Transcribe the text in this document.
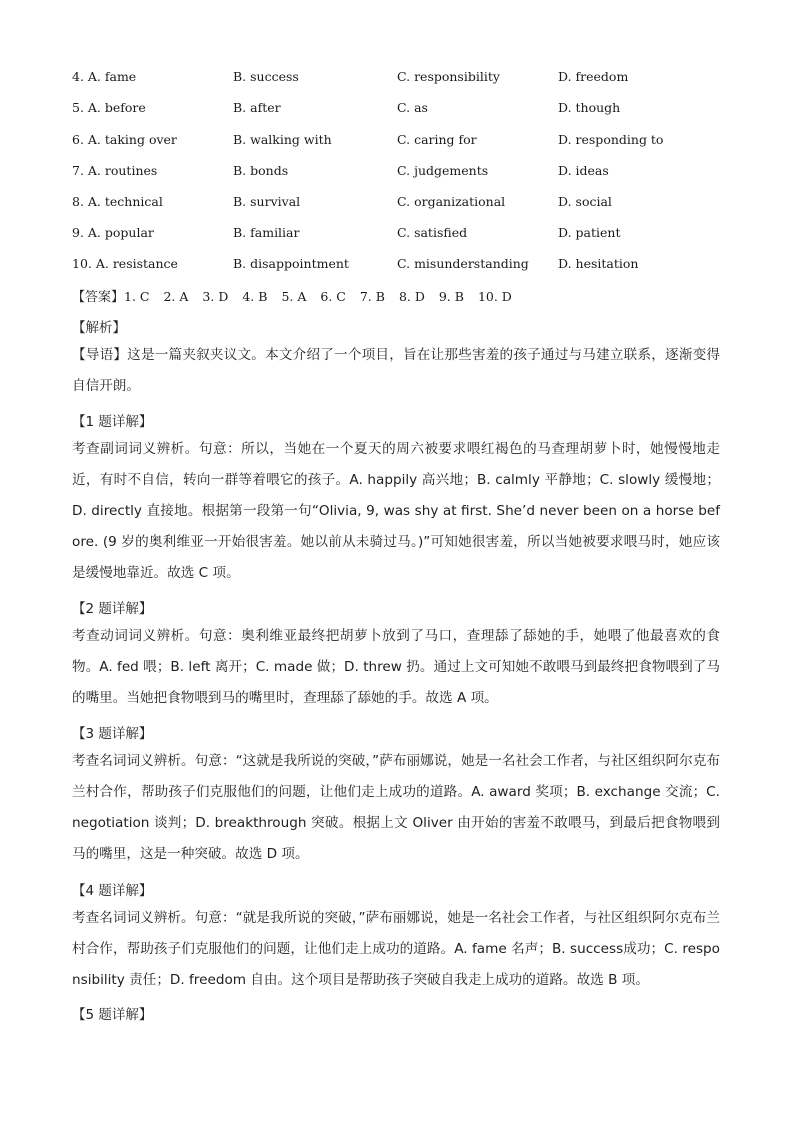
4. A. fame	B. success	C. responsibility	D. freedom
5. A. before	B. after	C. as	D. though
6. A. taking over	B. walking with	C. caring for	D. responding to
7. A. routines	B. bonds	C. judgements	D. ideas
8. A. technical	B. survival	C. organizational	D. social
9. A. popular	B. familiar	C. satisfied	D. patient
10. A. resistance	B. disappointment	C. misunderstanding D. hesitation
【答案】1. C 2. A 3. D 4. B 5. A 6. C 7. B 8. D 9. B 10. D
【解析】
【导语】这是一篇夹叙夹议文。本文介绍了一个项目，旨在让那些害羞的孩子通过与马建立联系，逐渐变得自信开朗。
【1 题详解】
考查副词词义辨析。句意：所以，当她在一个夏天的周六被要求喂红褐色的马查理胡萝卜时，她慢慢地走近，有时不自信，转向一群等着喂它的孩子。A. happily 高兴地；B. calmly 平静地；C. slowly 缓慢地；D. directly 直接地。根据第一段第一句“Olivia, 9, was shy at first. She’d never been on a horse before. (9 岁的奥利维亚一开始很害羞。她以前从未骑过马。)”可知她很害羞，所以当她被要求喂马时，她应该是缓慢地靠近。故选 C 项。
【2 题详解】
考查动词词义辨析。句意：奥利维亚最终把胡萝卜放到了马口，查理舔了舔她的手，她喂了他最喜欢的食物。A. fed 喂；B. left 离开；C. made 做；D. threw 扔。通过上文可知她不敢喂马到最终把食物喂到了马的嘴里。当她把食物喂到马的嘴里时，查理舔了舔她的手。故选 A 项。
【3 题详解】
考查名词词义辨析。句意：“这就是我所说的突破，”萨布丽娜说，她是一名社会工作者，与社区组织阿尔克布兰村合作，帮助孩子们克服他们的问题，让他们走上成功的道路。A. award 奖项；B. exchange 交流；C. negotiation 谈判；D. breakthrough 突破。根据上文 Oliver 由开始的害羞不敢喂马，到最后把食物喂到马的嘴里，这是一种突破。故选 D 项。
【4 题详解】
考查名词词义辨析。句意：“就是我所说的突破，”萨布丽娜说，她是一名社会工作者，与社区组织阿尔克布兰村合作，帮助孩子们克服他们的问题，让他们走上成功的道路。A. fame 名声；B. success成功；C. responsibility 责任；D. freedom 自由。这个项目是帮助孩子突破自我走上成功的道路。故选 B 项。
【5 题详解】
